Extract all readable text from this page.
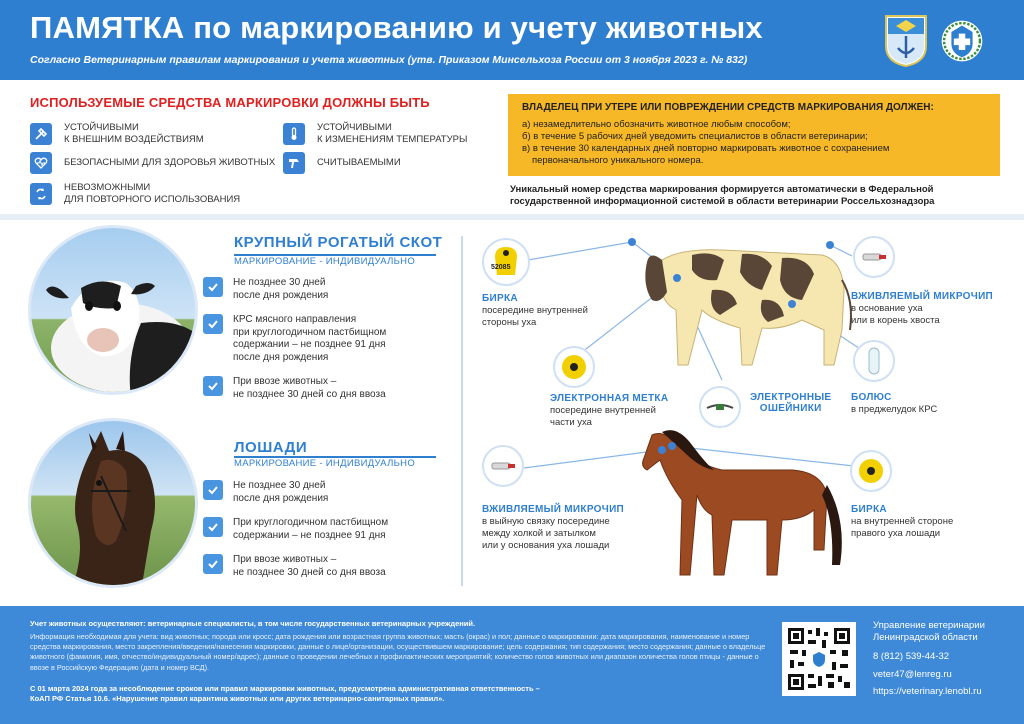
ПАМЯТКА по маркированию и учету животных
Согласно Ветеринарным правилам маркирования и учета животных (утв. Приказом Минсельхоза России от 3 ноября 2023 г. № 832)
ИСПОЛЬЗУЕМЫЕ СРЕДСТВА МАРКИРОВКИ ДОЛЖНЫ БЫТЬ
УСТОЙЧИВЫМИ
К ВНЕШНИМ ВОЗДЕЙСТВИЯМ
УСТОЙЧИВЫМИ
К ИЗМЕНЕНИЯМ ТЕМПЕРАТУРЫ
БЕЗОПАСНЫМИ ДЛЯ ЗДОРОВЬЯ ЖИВОТНЫХ	СЧИТЫВАЕМЫМИ
НЕВОЗМОЖНЫМИ
ДЛЯ ПОВТОРНОГО ИСПОЛЬЗОВАНИЯ
ВЛАДЕЛЕЦ ПРИ УТЕРЕ ИЛИ ПОВРЕЖДЕНИИ СРЕДСТВ МАРКИРОВАНИЯ ДОЛЖЕН:
а) незамедлительно обозначить животное любым способом;
б) в течение 5 рабочих дней уведомить специалистов в области ветеринарии;
в) в течение 30 календарных дней повторно маркировать животное с сохранением
первоначального уникального номера.
Уникальный номер средства маркирования формируется автоматически в Федеральной
государственной информационной системой в области ветеринарии Россельхознадзора
КРУПНЫЙ РОГАТЫЙ СКОТ
МАРКИРОВАНИЕ - ИНДИВИДУАЛЬНО
Не позднее 30 дней
после дня рождения
КРС мясного направления
при круглогодичном пастбищном
содержании – не позднее 91 дня
после дня рождения
При ввозе животных –
не позднее 30 дней со дня ввоза
ЛОШАДИ
МАРКИРОВАНИЕ - ИНДИВИДУАЛЬНО
Не позднее 30 дней
после дня рождения
При круглогодичном пастбищном
содержании – не позднее 91 дня
При ввозе животных –
не позднее 30 дней со дня ввоза
52085
БИРКА
посередине внутренней
стороны уха
ЭЛЕКТРОННАЯ МЕТКА
посередине внутренней
части уха
ЭЛЕКТРОННЫЕ
ОШЕЙНИКИ
ВЖИВЛЯЕМЫЙ МИКРОЧИП
в основание уха
или в корень хвоста
БОЛЮС
в преджелудок КРС
ВЖИВЛЯЕМЫЙ МИКРОЧИП
в выйную связку посередине
между холкой и затылком
или у основания уха лошади
БИРКА
на внутренней стороне
правого уха лошади
Учет животных осуществляют: ветеринарные специалисты, в том числе государственных ветеринарных учреждений.
Информация необходимая для учета: вид животных; порода или кросс; дата рождения или возрастная группа животных; масть (окрас) и пол; данные о маркировании: дата маркирования, наименование и номер средства маркирования, место закрепления/введения/нанесения маркировки, данные о лице/организации, осуществившем маркирование; цель содержания; тип содержания; место содержания; данные о владельце животного (фамилия, имя, отчество/индивидуальный номер/адрес); данные о проведении лечебных и профилактических мероприятий; количество голов животных или диапазон количества голов птицы - данные о ввозе в Российскую Федерацию (дата и номер ВСД).
С 01 марта 2024 года за несоблюдение сроков или правил маркировки животных, предусмотрена административная ответственность –
КоАП РФ Статья 10.6. «Нарушение правил карантина животных или других ветеринарно-санитарных правил».
Управление ветеринарии
Ленинградской области
8 (812) 539-44-32
veter47@lenreg.ru
https://veterinary.lenobl.ru
